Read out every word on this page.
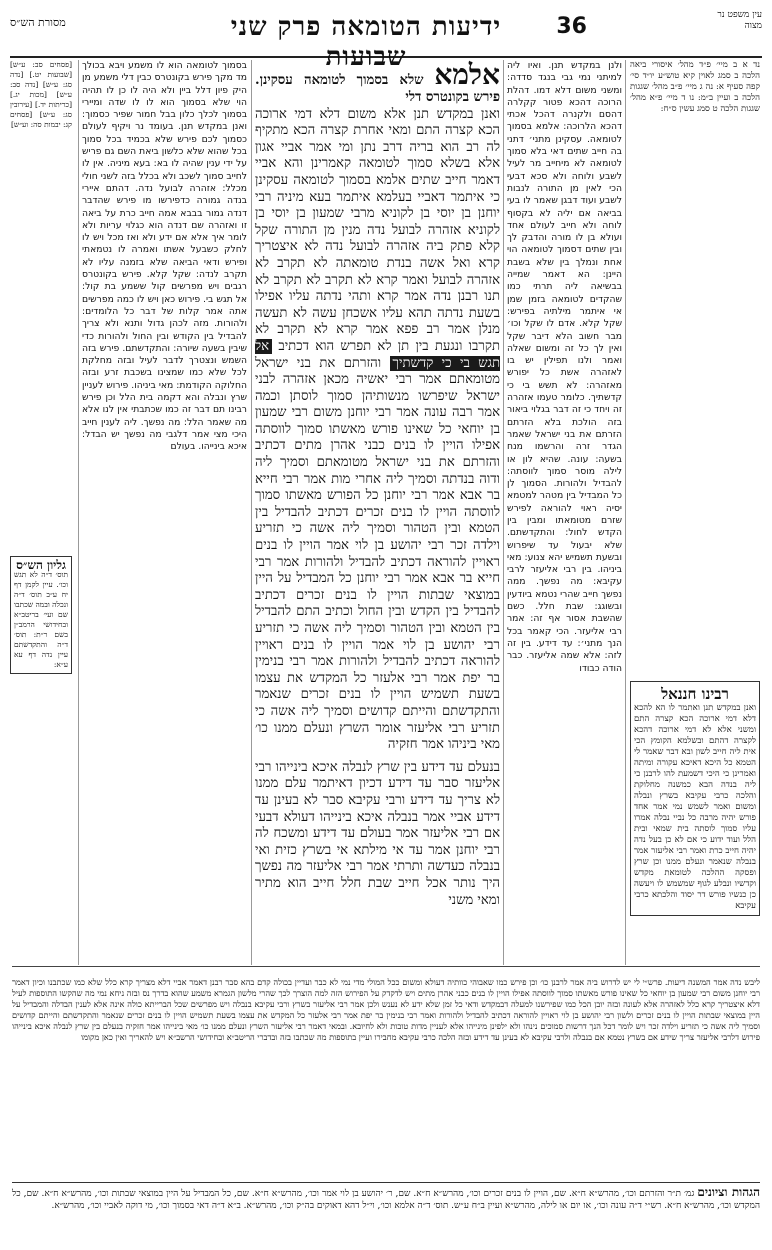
עין משפט נר מצוה
36
ידיעות הטומאה פרק שני שבועות
מסורת הש״ס

נד א ב מיי׳ פ״ד מהל׳ איסורי ביאה הלכה ב סמג לאוין קיא טוש״ע יו״ד סי׳ קפה סעיף א: נה ג מיי׳ פ״ב מהל׳ שגגות הלכה ב ועיין ב״מ: נו ד מיי׳ פ״א מהל׳ שגגות הלכה ט סמג עשין ס״ח:

רבינו חננאל

ואנן במקדש תנן ואתמר לו הא להכא דלא דמי ארוכה הכא קצרה התם ומשני אלא לא דמי ארוכה דהכא לקצרה דהתם ובשלמא הקומץ הכי אית ליה חייב לשון ובא דבר שאמר לי הטמא כל היכא דאיכא עקורה ומיתה ואמרינן כי היכי דשמעת להו לרבנן כי ליה בנדה הבא כמשנה מחלוקת והלכה כרבי עקיבא בשרץ ונבלה ומשום ואמר לשמש נמי אמר אחד פורש יהיה מרבה כל נביי נבלה אמרו עליו סמוך לוסתה בית שמאי ובית הלל ועוד ידוע כי אם לא כן בעל נדה יהיה חייב כרת ואמר רבי אליעזר אמר בנבלה שנאמר ונעלם ממנו וכן שרץ ופסקה ההלכה לטומאת מקדש וקדשיו ונבלע לגוף שמשמש לו ויעשה כן כנשיו פורש דר יסוד והלכתא כרבי עקיבא

ולנן במקדש תנן. ואיו ליה למיתני נמי גבי בנגד סדדה: ומשני משום דלא דמו. דהלת הרוכה דהכא פטור קקלרה דהסם ולקנרה דהכל אכתי דהכא הלרוכה: אלמא בסמוך לטומאה. עסקינן מתני׳ דתני בה חייב שתים דאי בלא סמוך לטומאה לא מיחייב מר לעיל לשבע ולוחה ולא סכא דבעי הכי לאין מן התורה לנבות לשבע ועוד דבגן שאמר לו בעי בביאה אם יליה לא בקסוף לוחה ולא חייב לעולם אחד ועולא בן לו מורה והדבק לך ובין שתים דסמוך לטומאה הוי אחת ונמלך בין שלא בשבת היינן: הא דאמר שמייה בבשיאה ליה תרתי כמו שהקדים לטומאה בזמן שמן אי איתמר מילתיה בפירש: שקל קלא. אדם לו שקל וכו׳ מבר חשוב הלא דיבר שקל ואין לך כל זה ומשום שאלה ואמר ולנו תפילין יש בו לאזהרה אשת כל יפורש מאזהרה: לא תשש בי כי קדשתיך. כלומר טעמו אזהרה זה ויחד כי זה דבר בגלוי ביאור בזה הולכת בלא הזרתם הזרתם את בני ישראל שאמר הגדר זרה והרשמו מנח בשעה: עונה. שהיא לון או לילה מוסר סמוך לווסתה: להבדיל ולהורות. הסמוך לן כל המבדיל בין מטהר למטמא יסיה ראוי להוראה לפירש שזרם מטומאתו ומבין בין הקדש לחול: והתקדשתם. שלא יבעול עד שיפרוש ובשעת תשמיש יהא צנוע: מאי ביניהו. בין רבי אליעזר לרבי עקיבא: מה נפשך. ממה נפשך חייב שהרי נטמא ביודעין ובשוגג: שבת חלל. כשם שהשבת אסור אף זה: אמר רבי אליעזר. הכי קאמר בכל הנך מתני׳: עד דידע. בין זה לזה: אלא שמה אליעזר. כבר הודה כבודו

אלמא שלא בסמוך לטומאה עסקינן. פירש בקונטרס דלי

ואנן במקדש תנן אלא משום דלא דמי ארוכה הכא קצרה התם ומאי אחרת קצרה הכא מתקיף לה רב הוא בריה דרב נתן ומי אמר אביי אגון אלא בשלא סמוך לטומאה קאמרינן והא אביי דאמר חייב שתים אלמא בסמוך לטומאה עסקינן כי איתמר דאביי בעלמא איתמר בעא מיניה רבי יוחנן בן יוסי בן לקוניא מרבי שמעון בן יוסי בן לקוניא אזהרה לבועל נדה מנין מן התורה שקל קלא פתק ביה אזהרה לבועל נדה לא איצטריך קרא ואל אשה בנדת טומאתה לא תקרב לא אזהרה לבועל ואמר קרא לא תקרב לא תקרב לא תנו רבנן נדה אמר קרא ותהי נדתה עליו אפילו בשעת נדתה תהא עליו אשכחן עשה לא תעשה מנלן אמר רב פפא אמר קרא לא תקרב לא תקרבו ונגעת בין תן לא תפרש הוא דכתיב אל תגש בי כי קדשתיך והזרתם את בני ישראל מטומאתם אמר רבי יאשיה מכאן אזהרה לבני ישראל שיפרשו מנשותיהן סמוך לוסתן וכמה אמר רבה עונה אמר רבי יוחנן משום רבי שמעון בן יוחאי כל שאינו פורש מאשתו סמוך לווסתה אפילו הויין לו בנים כבני אהרן מתים דכתיב והזרתם את בני ישראל מטומאתם וסמיך ליה ודוה בנדתה וסמיך ליה אחרי מות אמר רבי חייא בר אבא אמר רבי יוחנן כל הפורש מאשתו סמוך לווסתה הויין לו בנים זכרים דכתיב להבדיל בין הטמא ובין הטהור וסמיך ליה אשה כי תזריע וילדה זכר רבי יהושע בן לוי אמר הויין לו בנים ראויין להוראה דכתיב להבדיל ולהורות אמר רבי חייא בר אבא אמר רבי יוחנן כל המבדיל על היין במוצאי שבתות הויין לו בנים זכרים דכתיב להבדיל בין הקדש ובין החול וכתיב התם להבדיל בין הטמא ובין הטהור וסמיך ליה אשה כי תזריע רבי יהושע בן לוי אמר הויין לו בנים ראויין להוראה דכתיב להבדיל ולהורות אמר רבי בנימין בר יפת אמר רבי אלעזר כל המקדש את עצמו בשעת תשמיש הויין לו בנים זכרים שנאמר והתקדשתם והייתם קדושים וסמיך ליה אשה כי תזריע רבי אליעזר אומר השרץ ונעלם ממנו כו׳ מאי ביניהו אמר חזקיה

בנעלם עד דידע בין שרץ לנבלה איכא בינייהו רבי אליעזר סבר עד דידע דכיון דאיתמר עלם ממנו לא צריך עד דידע ורבי עקיבא סבר לא בעינן עד דידע אביי אמר בנבלה איכא בינייהו דעולא דבעי אם רבי אליעזר אמר בעולם עד דידע ומשכח לה רבי יוחנן אמר עד אי מילתא אי בשרץ כזית ואי בנבלה כעדשה ותרתי אמר רבי אליעזר מה נפשך היך נותר אכל חייב שבת חלל חייב הוא מתיר ומאי משני

בסמוך לטומאה הוא לו משמע ויבא בכולך מד מקך פירש בקונטרס כבין דלי משמע מן היק פיון דלל ביין ולא היה לו כן לו תהיה הוי שלא בסמוך הוא לו לו שדה ומיירי בסמוך לכלך כלון בבל חמור שפיר כסמוך: ואנן במקדש תנן. בעומד נר ויקיף לעולם כסמוך לכם פירש שלא בכמיד בכל סמוך בכל שהוא שלא כלשון ביאת השם גם פריש על ידי ענין שהיה לו בא: בעא מיניה. אין לו לחייב סמוך לשכב ולא בכלל בזה לשני חולי מכלל: אזהרה לבועל נדה. דהתם איירי בנדה גמורה כדפירשו מו פירש שהדבר דנדה גמור בבבא אמה חייב כרת על ביאה זו ואזהרה שם דנדה הוא כגלוי עריות ולא לומר איך אלא אם ידע ולא ואז מכל ויש לו לחלק כשבעל אשתו ואמרה לו נטמאתי ופירש ודאי הביאה שלא בזמנה עליו לא תקרב לנדה: שקל קלא. פירש בקונטרס רגבים ויש מפרשים קול ששמע בת קול: אל תגש בי. פירוש כאן ויש לו כמה מפרשים אתה אמר קלות של דבר כל הלומדים: ולהורות. מזה לכהן גדול ותנא ולא צריך להבדיל בין הקודש ובין החול ולהורות כדי שיבין בשעה שיורה: והתקדשתם. פירש בזה השמש ונצטרך לדבר לעיל ובזה מחלקת לכל שלא כמו שמצינו בשכבת זרע ובזה החלוקה הקודמת: מאי ביניהו. פירוש לעניין שרץ ונבלה והא דקמה בית הלל וכן פירש רבינו תם דבר זה כמו שכתבתי אין לנו אלא מה שאמר הלל: מה נפשך. ליה לענין חייב היכי מצי אמר דלגבי מה נפשך יש הבדל: איכא בינייהו. בעולם

[פסחים סב: ע״ש] [שבועות יט.] [נדה סג: ע״ש] [נדה סב: ע״ש] [מכות יג.] [כריתות יד.] [עירובין סג: ע״ש] [פסחים קג: יבמות סה: וע״ש]

גליון הש״ס

תוס׳ ד״ה לא תגש וכו׳. עיין לקמן דף יח ע״ב תוס׳ ד״ה ונכלה ובמה שכתבו שם ועי׳ בריטב״א ובחידושי הרמב״ן בשם ר״ת: תוס׳ ד״ה והתקדשתם עיין נדה דף עא ע״א:

ליבש נדה אמר המשנה דיעות. פרש״י לי יש לדרוש ביה אמר לרבנן כו׳ וכן פירש כמו שאבוהי כוותיה דעולא ומשום ככל המולי מדי נמי לא כבר ועדיין בכולה קדם בהא סבר רבנן דאמר אביי דלא מצריך קרא כלל שלא כמו שכתבנו וכיון דאמר רבי יוחנן משום רבי שמעון בן יוחאי כל שאינו פורש מאשתו סמוך לווסתה אפילו הויין לו בנים כבני אהרן מתים ויש לדקדק על הפירוש הזה למה הוצרך לכך שהרי מלשון הגמרא משמע שהוא בדרך נס ובזה ניחא נמי מה שהקשו התוספות לעיל דלא איצטריך קרא כלל לאזהרה אלא לעונה ובזה יובן הכל כמו שפירשנו למעלה דבמקדש ודאי כל זמן שלא ידע לא נענש ולכן אמר רבי אליעזר בשרץ ורבי עקיבא בנבלה ויש מפרשים שכל הברייתא כולה אינה אלא לענין הבדלה והמבדיל על היין במוצאי שבתות הויין לו בנים זכרים ולשון רבי יהושע בן לוי ראויין להוראה דכתיב להבדיל ולהורות ואמר רבי בנימין בר יפת אמר רבי אלעזר כל המקדש את עצמו בשעת תשמיש הויין לו בנים זכרים שנאמר והתקדשתם והייתם קדושים וסמיך ליה אשה כי תזריע וילדה זכר ויש לומר דכל הנך דרשות סמוכים נינהו ולא ילפינן מינייהו אלא לעניין מדות טובות ולא לחיובא. ובמאי דאמר רבי אליעזר השרץ ונעלם ממנו כו׳ מאי בינייהו אמר חזקיה בנעלם בין שרץ לנבלה איכא בינייהו פירוש דלרבי אליעזר צריך שידע אם בשרץ נטמא אם בנבלה ולרבי עקיבא לא בעינן עד דידע ובזה הלכה כרבי עקיבא מחבירו ועיין בתוספות מה שכתבו בזה ובדברי הריטב״א ובחידושי הרשב״א ויש להאריך ואין כאן מקומו

הגהות וציונים גמ׳ ת״ר והזרתם וכו׳, מהרש״א ח״א. שם, הויין לו בנים זכרים וכו׳, מהרש״א ח״א. שם, ר׳ יהושע בן לוי אמר וכו׳, מהרש״א ח״א. שם, כל המבדיל על היין במוצאי שבתות וכו׳, מהרש״א ח״א. שם, כל המקדש וכו׳, מהרש״א ח״א. רש״י ד״ה עונה וכו׳, או יום או לילה, מהרש״א ועיין ב״ח ע״ש. תוס׳ ד״ה אלמא וכו׳, וי״ל דהא דאוקים בה״ק וכו׳, מהרש״א. ב״א ד״ה דאי בסמוך וכו׳, מי דוקה לאביי וכו׳, מהרש״א.
